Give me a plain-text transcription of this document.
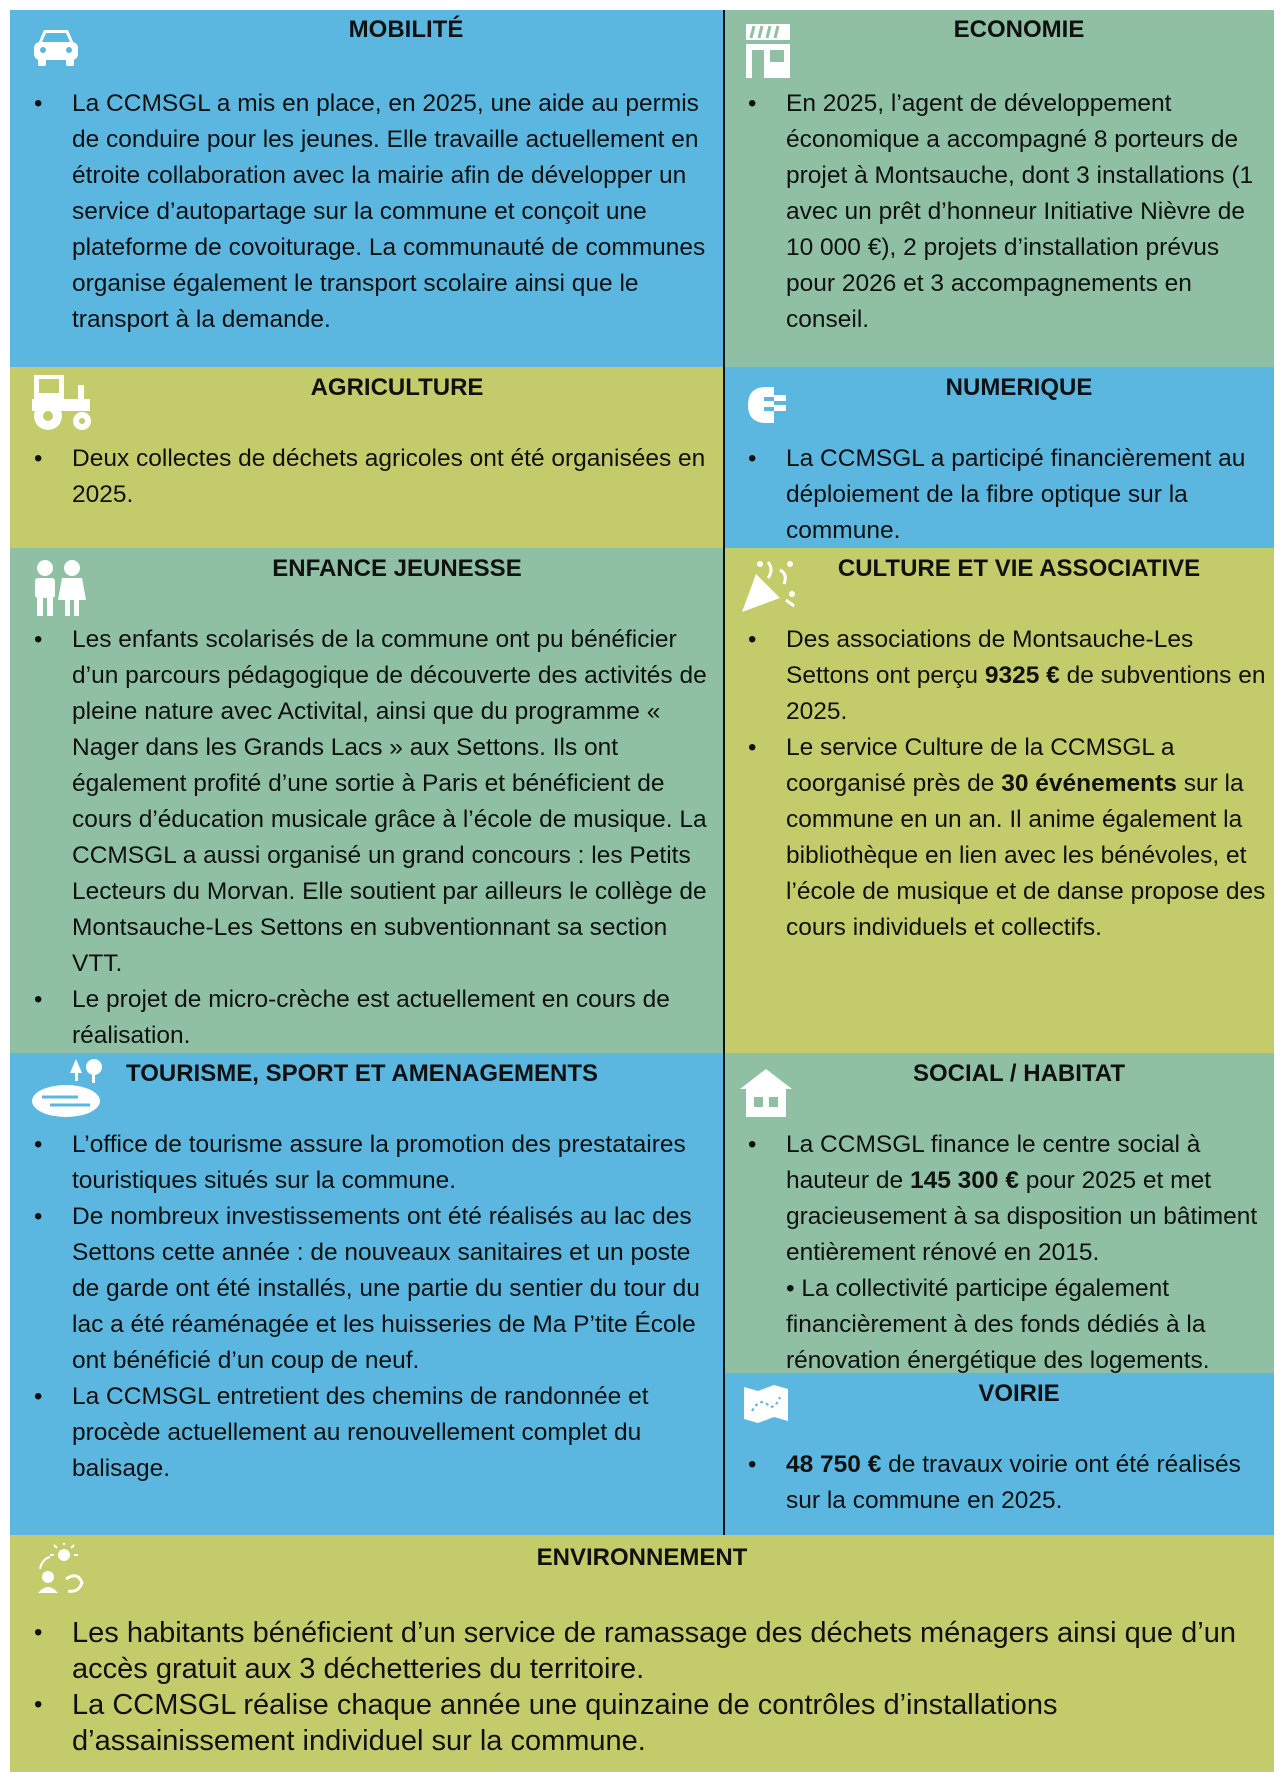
MOBILITÉ
• La CCMSGL a mis en place, en 2025, une aide au permis de conduire pour les jeunes. Elle travaille actuellement en étroite collaboration avec la mairie afin de développer un service d’autopartage sur la commune et conçoit une plateforme de covoiturage. La communauté de communes organise également le transport scolaire ainsi que le transport à la demande.
ECONOMIE
• En 2025, l’agent de développement économique a accompagné 8 porteurs de projet à Montsauche, dont 3 installations (1 avec un prêt d’honneur Initiative Nièvre de 10 000 €), 2 projets d’installation prévus pour 2026 et 3 accompagnements en conseil.
AGRICULTURE
• Deux collectes de déchets agricoles ont été organisées en 2025.
NUMERIQUE
• La CCMSGL a participé financièrement au déploiement de la fibre optique sur la commune.
ENFANCE JEUNESSE
• Les enfants scolarisés de la commune ont pu bénéficier d’un parcours pédagogique de découverte des activités de pleine nature avec Activital, ainsi que du programme « Nager dans les Grands Lacs » aux Settons. Ils ont également profité d’une sortie à Paris et bénéficient de cours d’éducation musicale grâce à l’école de musique. La CCMSGL a aussi organisé un grand concours : les Petits Lecteurs du Morvan. Elle soutient par ailleurs le collège de Montsauche-Les Settons en subventionnant sa section VTT.
• Le projet de micro-crèche est actuellement en cours de réalisation.
CULTURE ET VIE ASSOCIATIVE
• Des associations de Montsauche-Les Settons ont perçu 9325 € de subventions en 2025.
• Le service Culture de la CCMSGL a coorganisé près de 30 événements sur la commune en un an. Il anime également la bibliothèque en lien avec les bénévoles, et l’école de musique et de danse propose des cours individuels et collectifs.
TOURISME, SPORT ET AMENAGEMENTS
• L’office de tourisme assure la promotion des prestataires touristiques situés sur la commune.
• De nombreux investissements ont été réalisés au lac des Settons cette année : de nouveaux sanitaires et un poste de garde ont été installés, une partie du sentier du tour du lac a été réaménagée et les huisseries de Ma P’tite École ont bénéficié d’un coup de neuf.
• La CCMSGL entretient des chemins de randonnée et procède actuellement au renouvellement complet du balisage.
SOCIAL / HABITAT
• La CCMSGL finance le centre social à hauteur de 145 300 € pour 2025 et met gracieusement à sa disposition un bâtiment entièrement rénové en 2015.
• La collectivité participe également financièrement à des fonds dédiés à la rénovation énergétique des logements.
VOIRIE
• 48 750 € de travaux voirie ont été réalisés sur la commune en 2025.
ENVIRONNEMENT
• Les habitants bénéficient d’un service de ramassage des déchets ménagers ainsi que d’un accès gratuit aux 3 déchetteries du territoire.
• La CCMSGL réalise chaque année une quinzaine de contrôles d’installations d’assainissement individuel sur la commune.
